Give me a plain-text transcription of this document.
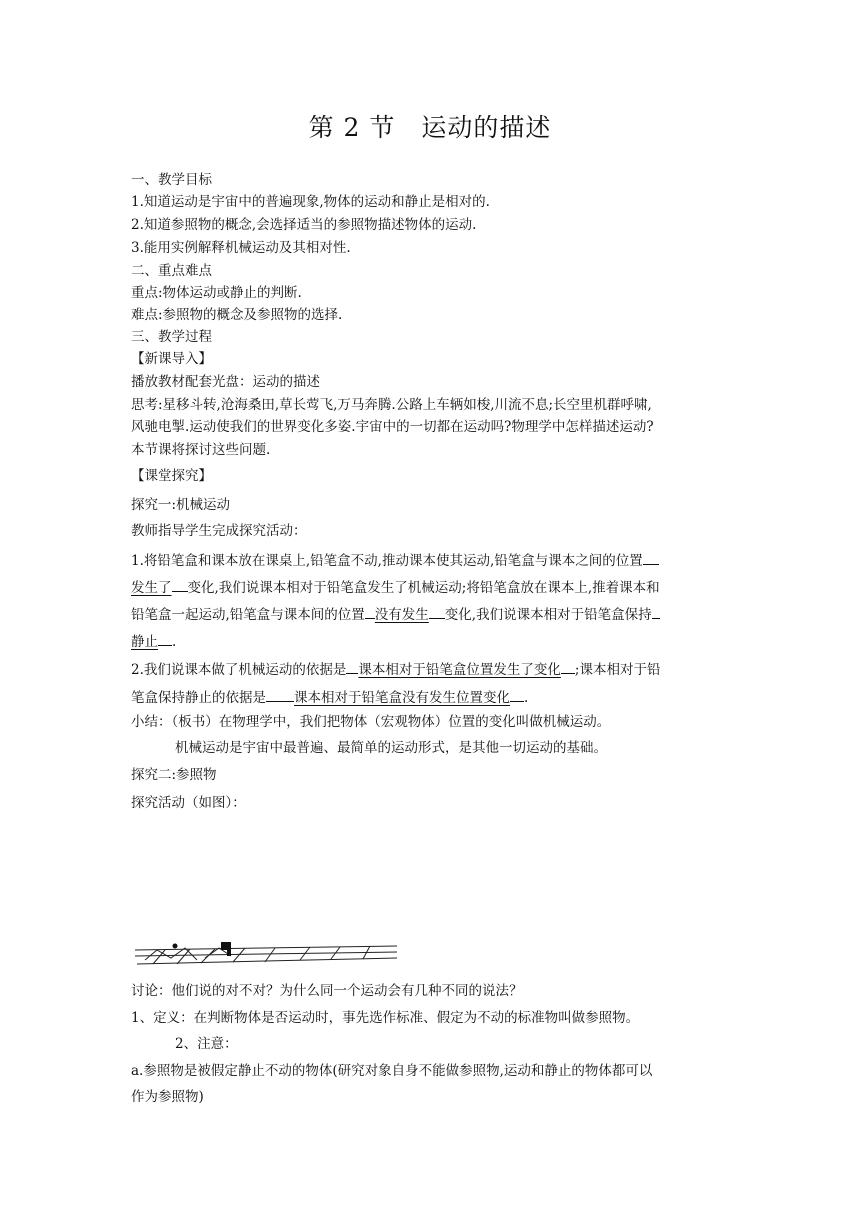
第 2 节　运动的描述
一、教学目标
1.知道运动是宇宙中的普遍现象,物体的运动和静止是相对的.
2.知道参照物的概念,会选择适当的参照物描述物体的运动.
3.能用实例解释机械运动及其相对性.
二、重点难点
重点:物体运动或静止的判断.
难点:参照物的概念及参照物的选择.
三、教学过程
【新课导入】
播放教材配套光盘：运动的描述
思考:星移斗转,沧海桑田,草长莺飞,万马奔腾.公路上车辆如梭,川流不息;长空里机群呼啸,
风驰电掣.运动使我们的世界变化多姿.宇宙中的一切都在运动吗?物理学中怎样描述运动?
本节课将探讨这些问题.
【课堂探究】
探究一:机械运动
教师指导学生完成探究活动：
1.将铅笔盒和课本放在课桌上,铅笔盒不动,推动课本使其运动,铅笔盒与课本之间的位置
发生了 变化,我们说课本相对于铅笔盒发生了机械运动;将铅笔盒放在课本上,推着课本和
铅笔盒一起运动,铅笔盒与课本间的位置 没有发生 变化,我们说课本相对于铅笔盒保持
静止 .
2.我们说课本做了机械运动的依据是 课本相对于铅笔盒位置发生了变化 ;课本相对于铅
笔盒保持静止的依据是 课本相对于铅笔盒没有发生位置变化 .
小结：（板书）在物理学中，我们把物体（宏观物体）位置的变化叫做机械运动。
机械运动是宇宙中最普遍、最简单的运动形式，是其他一切运动的基础。
探究二:参照物
探究活动（如图）：
讨论：他们说的对不对？为什么同一个运动会有几种不同的说法？
1、定义：在判断物体是否运动时，事先选作标准、假定为不动的标准物叫做参照物。
2、注意：
a.参照物是被假定静止不动的物体(研究对象自身不能做参照物,运动和静止的物体都可以
作为参照物)
